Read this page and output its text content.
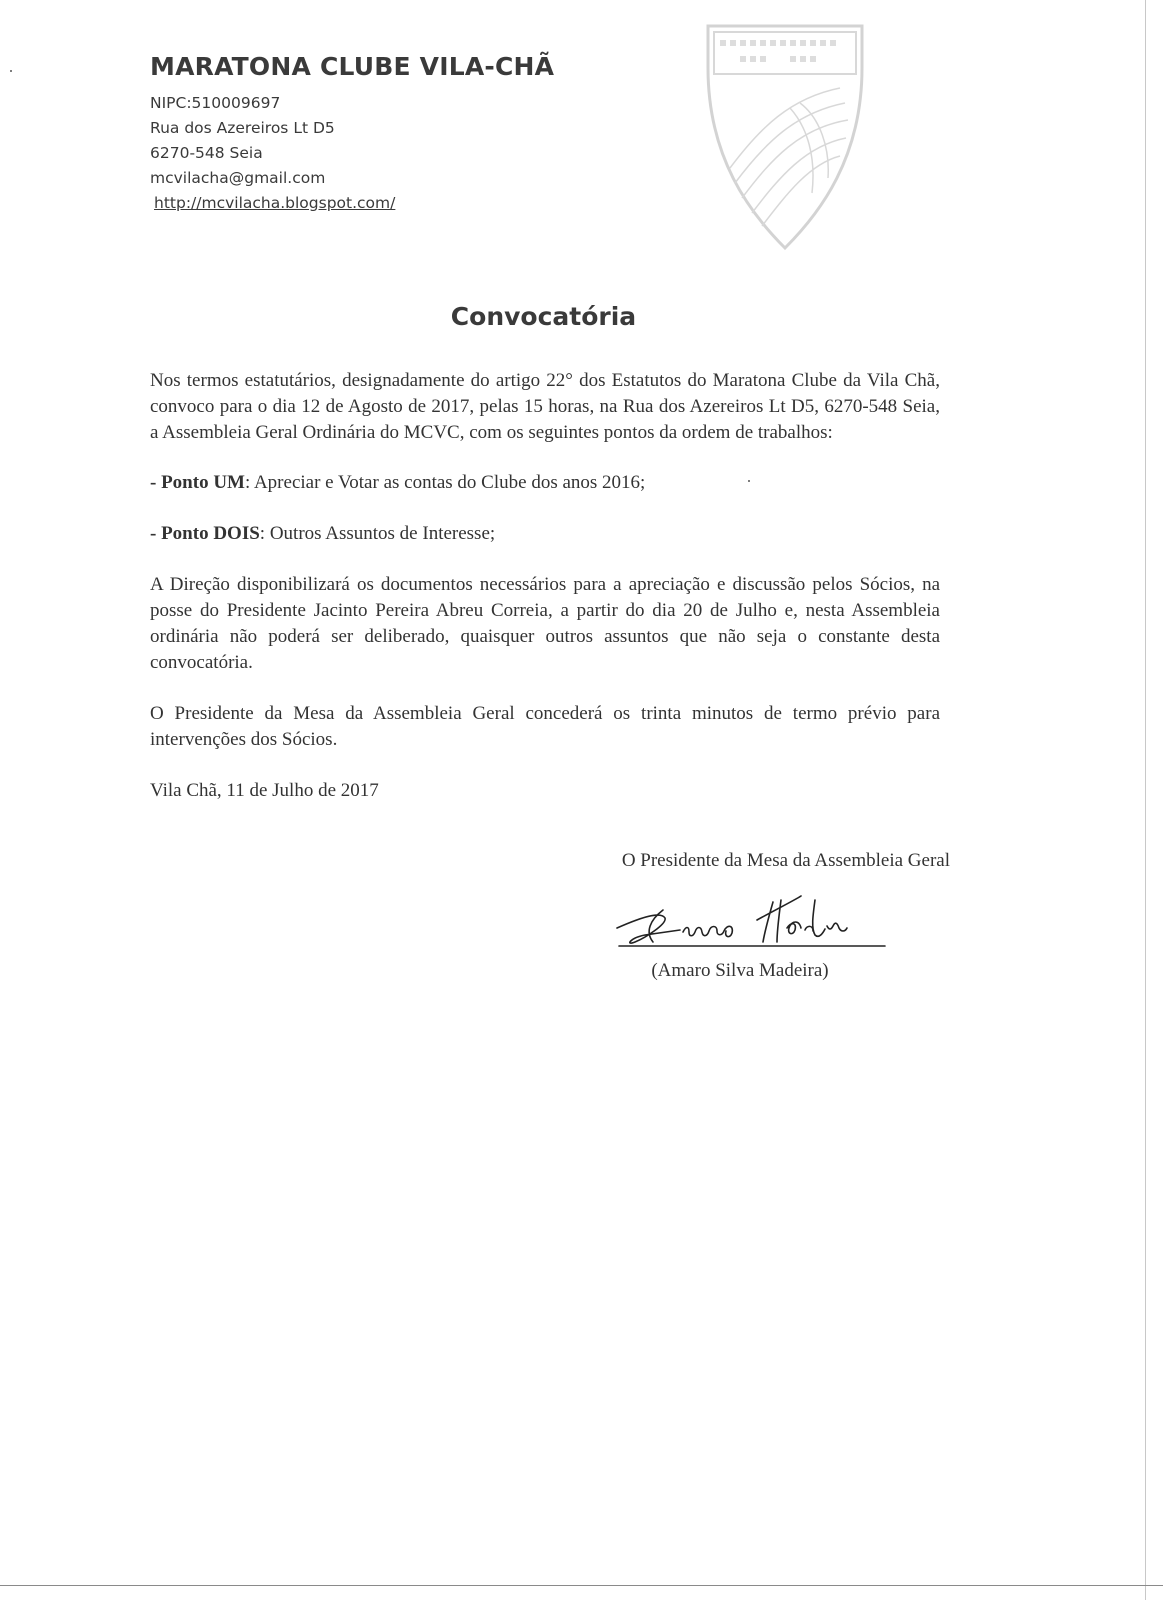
MARATONA CLUBE VILA-CHÃ
NIPC:510009697
Rua dos Azereiros Lt D5
6270-548 Seia
mcvilacha@gmail.com
http://mcvilacha.blogspot.com/
Convocatória

Nos termos estatutários, designadamente do artigo 22° dos Estatutos do Maratona Clube da Vila Chã, convoco para o dia 12 de Agosto de 2017, pelas 15 horas, na Rua dos Azereiros Lt D5, 6270-548 Seia, a Assembleia Geral Ordinária do MCVC, com os seguintes pontos da ordem de trabalhos:

- Ponto UM: Apreciar e Votar as contas do Clube dos anos 2016;

- Ponto DOIS: Outros Assuntos de Interesse;

A Direção disponibilizará os documentos necessários para a apreciação e discussão pelos Sócios, na posse do Presidente Jacinto Pereira Abreu Correia, a partir do dia 20 de Julho e, nesta Assembleia ordinária não poderá ser deliberado, quaisquer outros assuntos que não seja o constante desta convocatória.

O Presidente da Mesa da Assembleia Geral concederá os trinta minutos de termo prévio para intervenções dos Sócios.

Vila Chã, 11 de Julho de 2017

O Presidente da Mesa da Assembleia Geral
(Amaro Silva Madeira)
